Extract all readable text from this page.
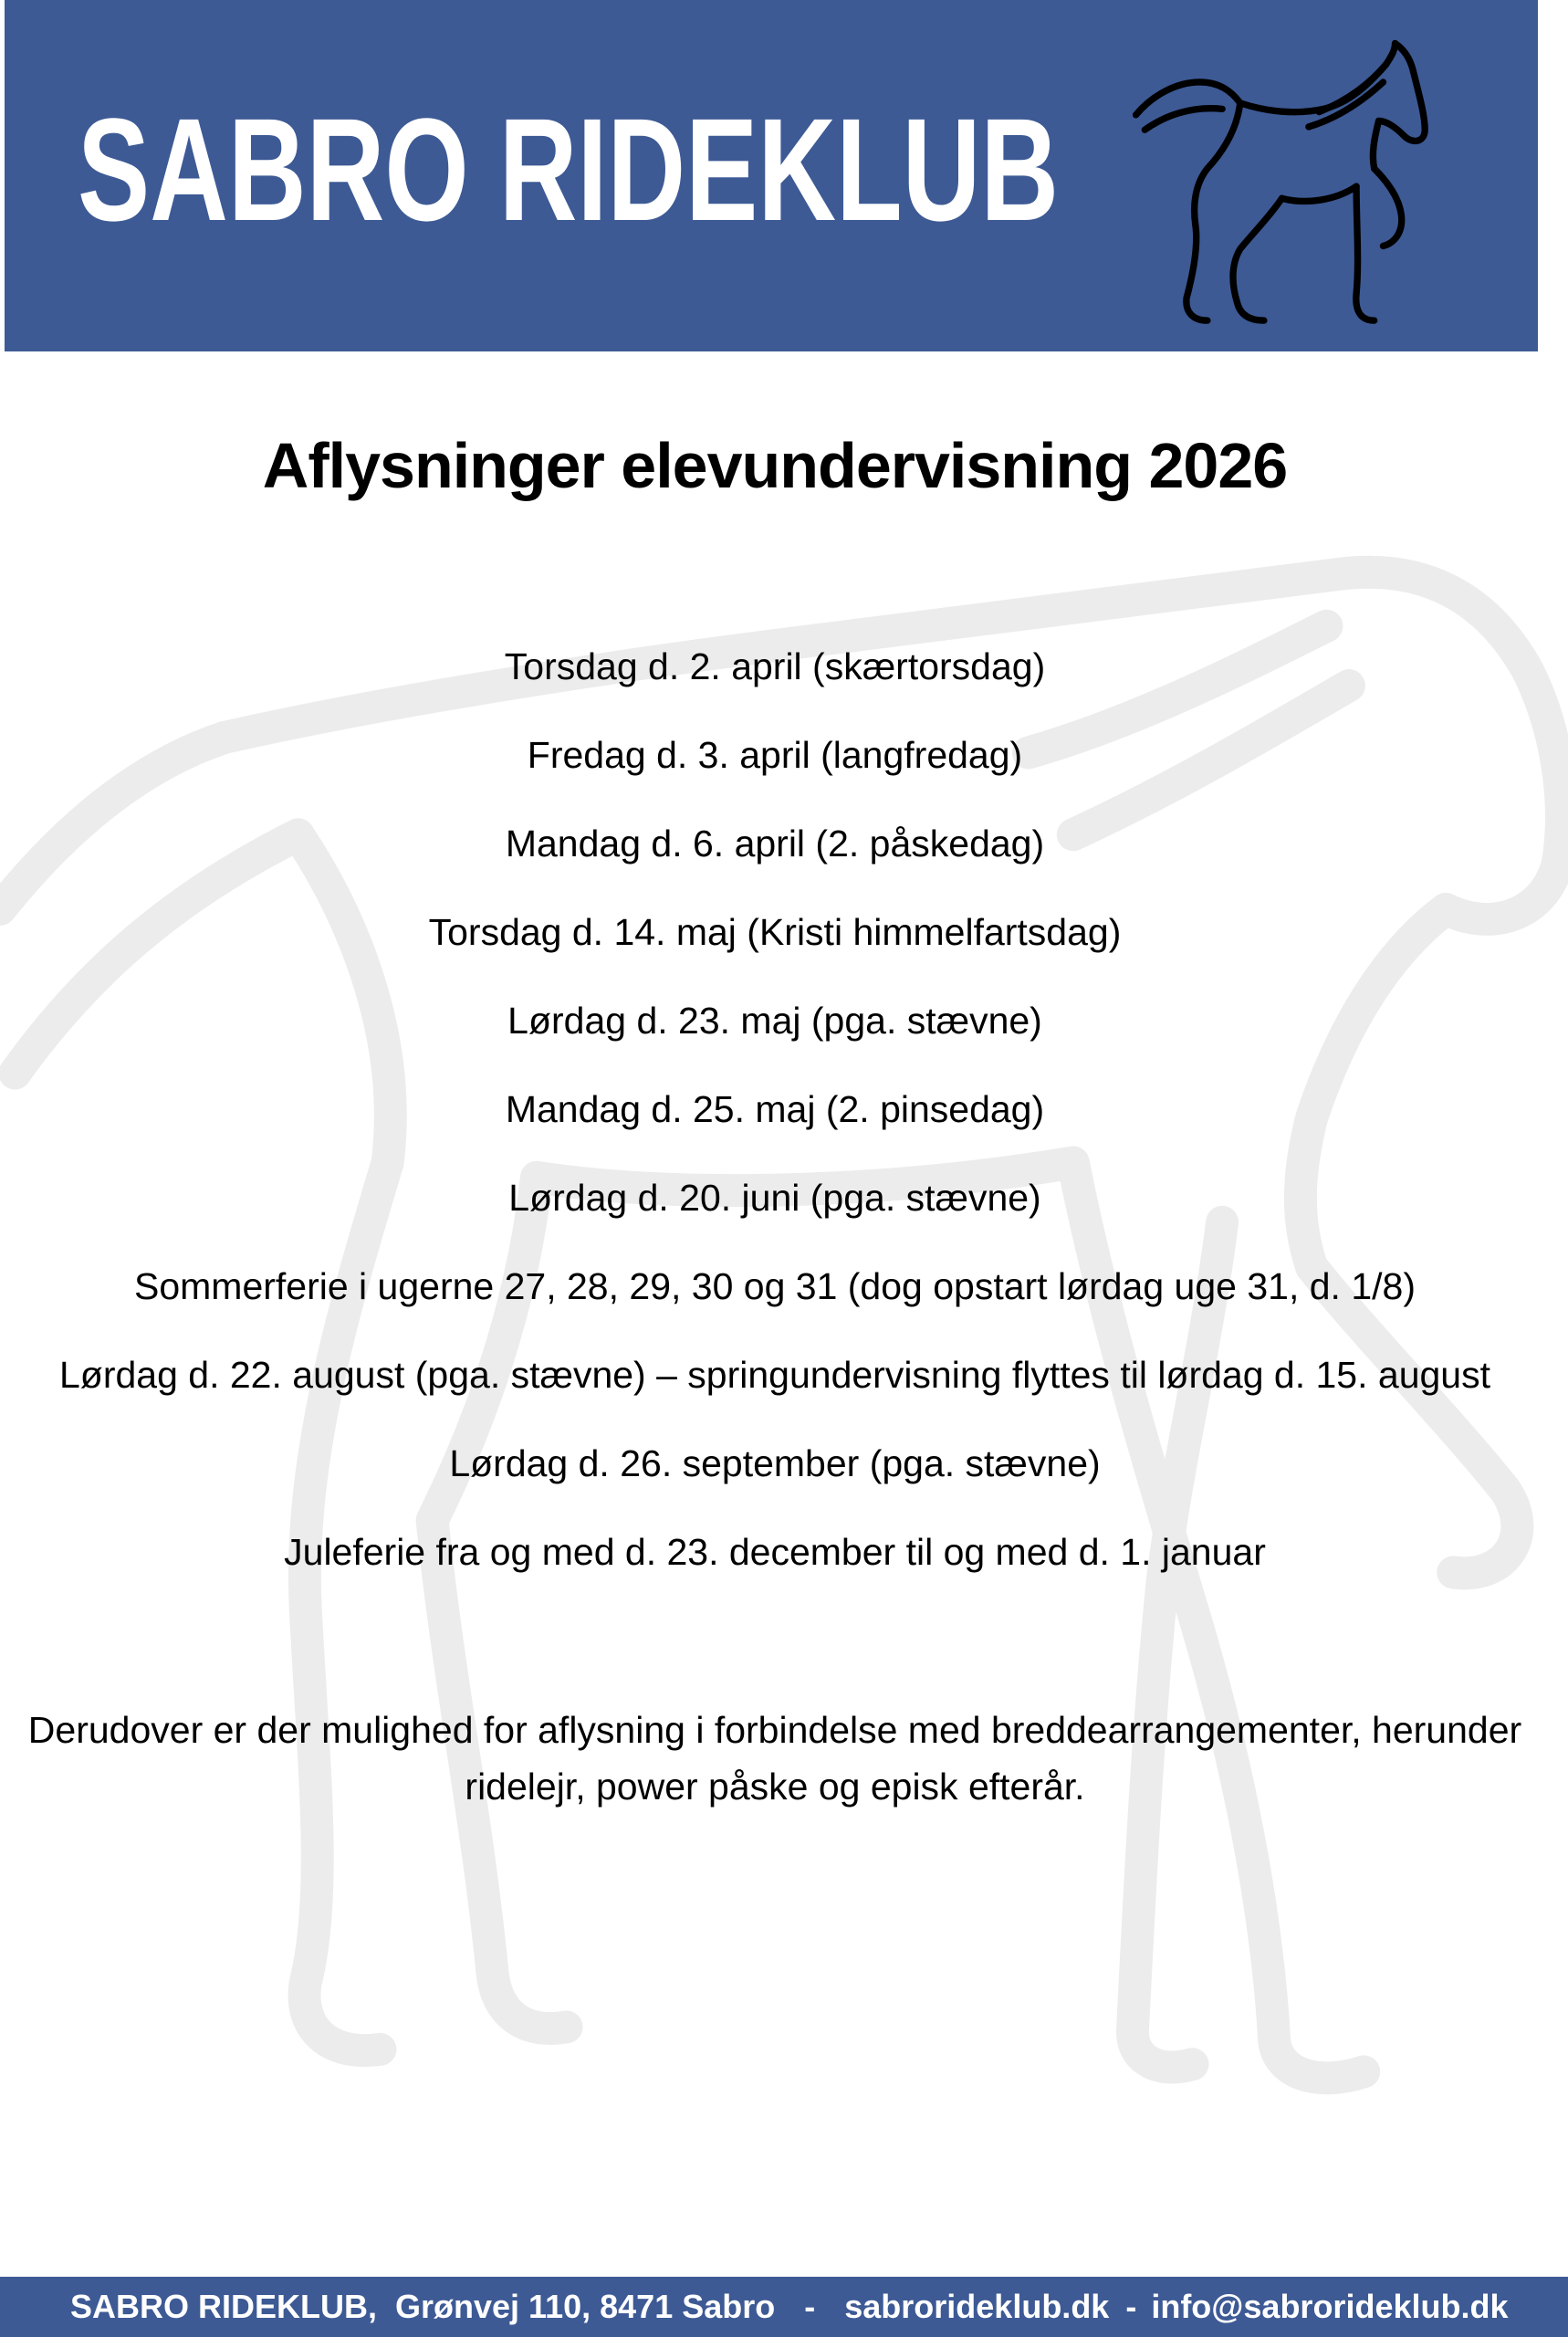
SABRO RIDEKLUB
Aflysninger elevundervisning 2026
Torsdag d. 2. april (skærtorsdag)
Fredag d. 3. april (langfredag)
Mandag d. 6. april (2. påskedag)
Torsdag d. 14. maj (Kristi himmelfartsdag)
Lørdag d. 23. maj (pga. stævne)
Mandag d. 25. maj (2. pinsedag)
Lørdag d. 20. juni (pga. stævne)
Sommerferie i ugerne 27, 28, 29, 30 og 31 (dog opstart lørdag uge 31, d. 1/8)
Lørdag d. 22. august (pga. stævne) – springundervisning flyttes til lørdag d. 15. august
Lørdag d. 26. september (pga. stævne)
Juleferie fra og med d. 23. december til og med d. 1. januar

Derudover er der mulighed for aflysning i forbindelse med breddearrangementer, herunder

ridelejr, power påske og episk efterår.

SABRO RIDEKLUB, Grønvej 110, 8471 Sabro - sabrorideklub.dk - info@sabrorideklub.dk
